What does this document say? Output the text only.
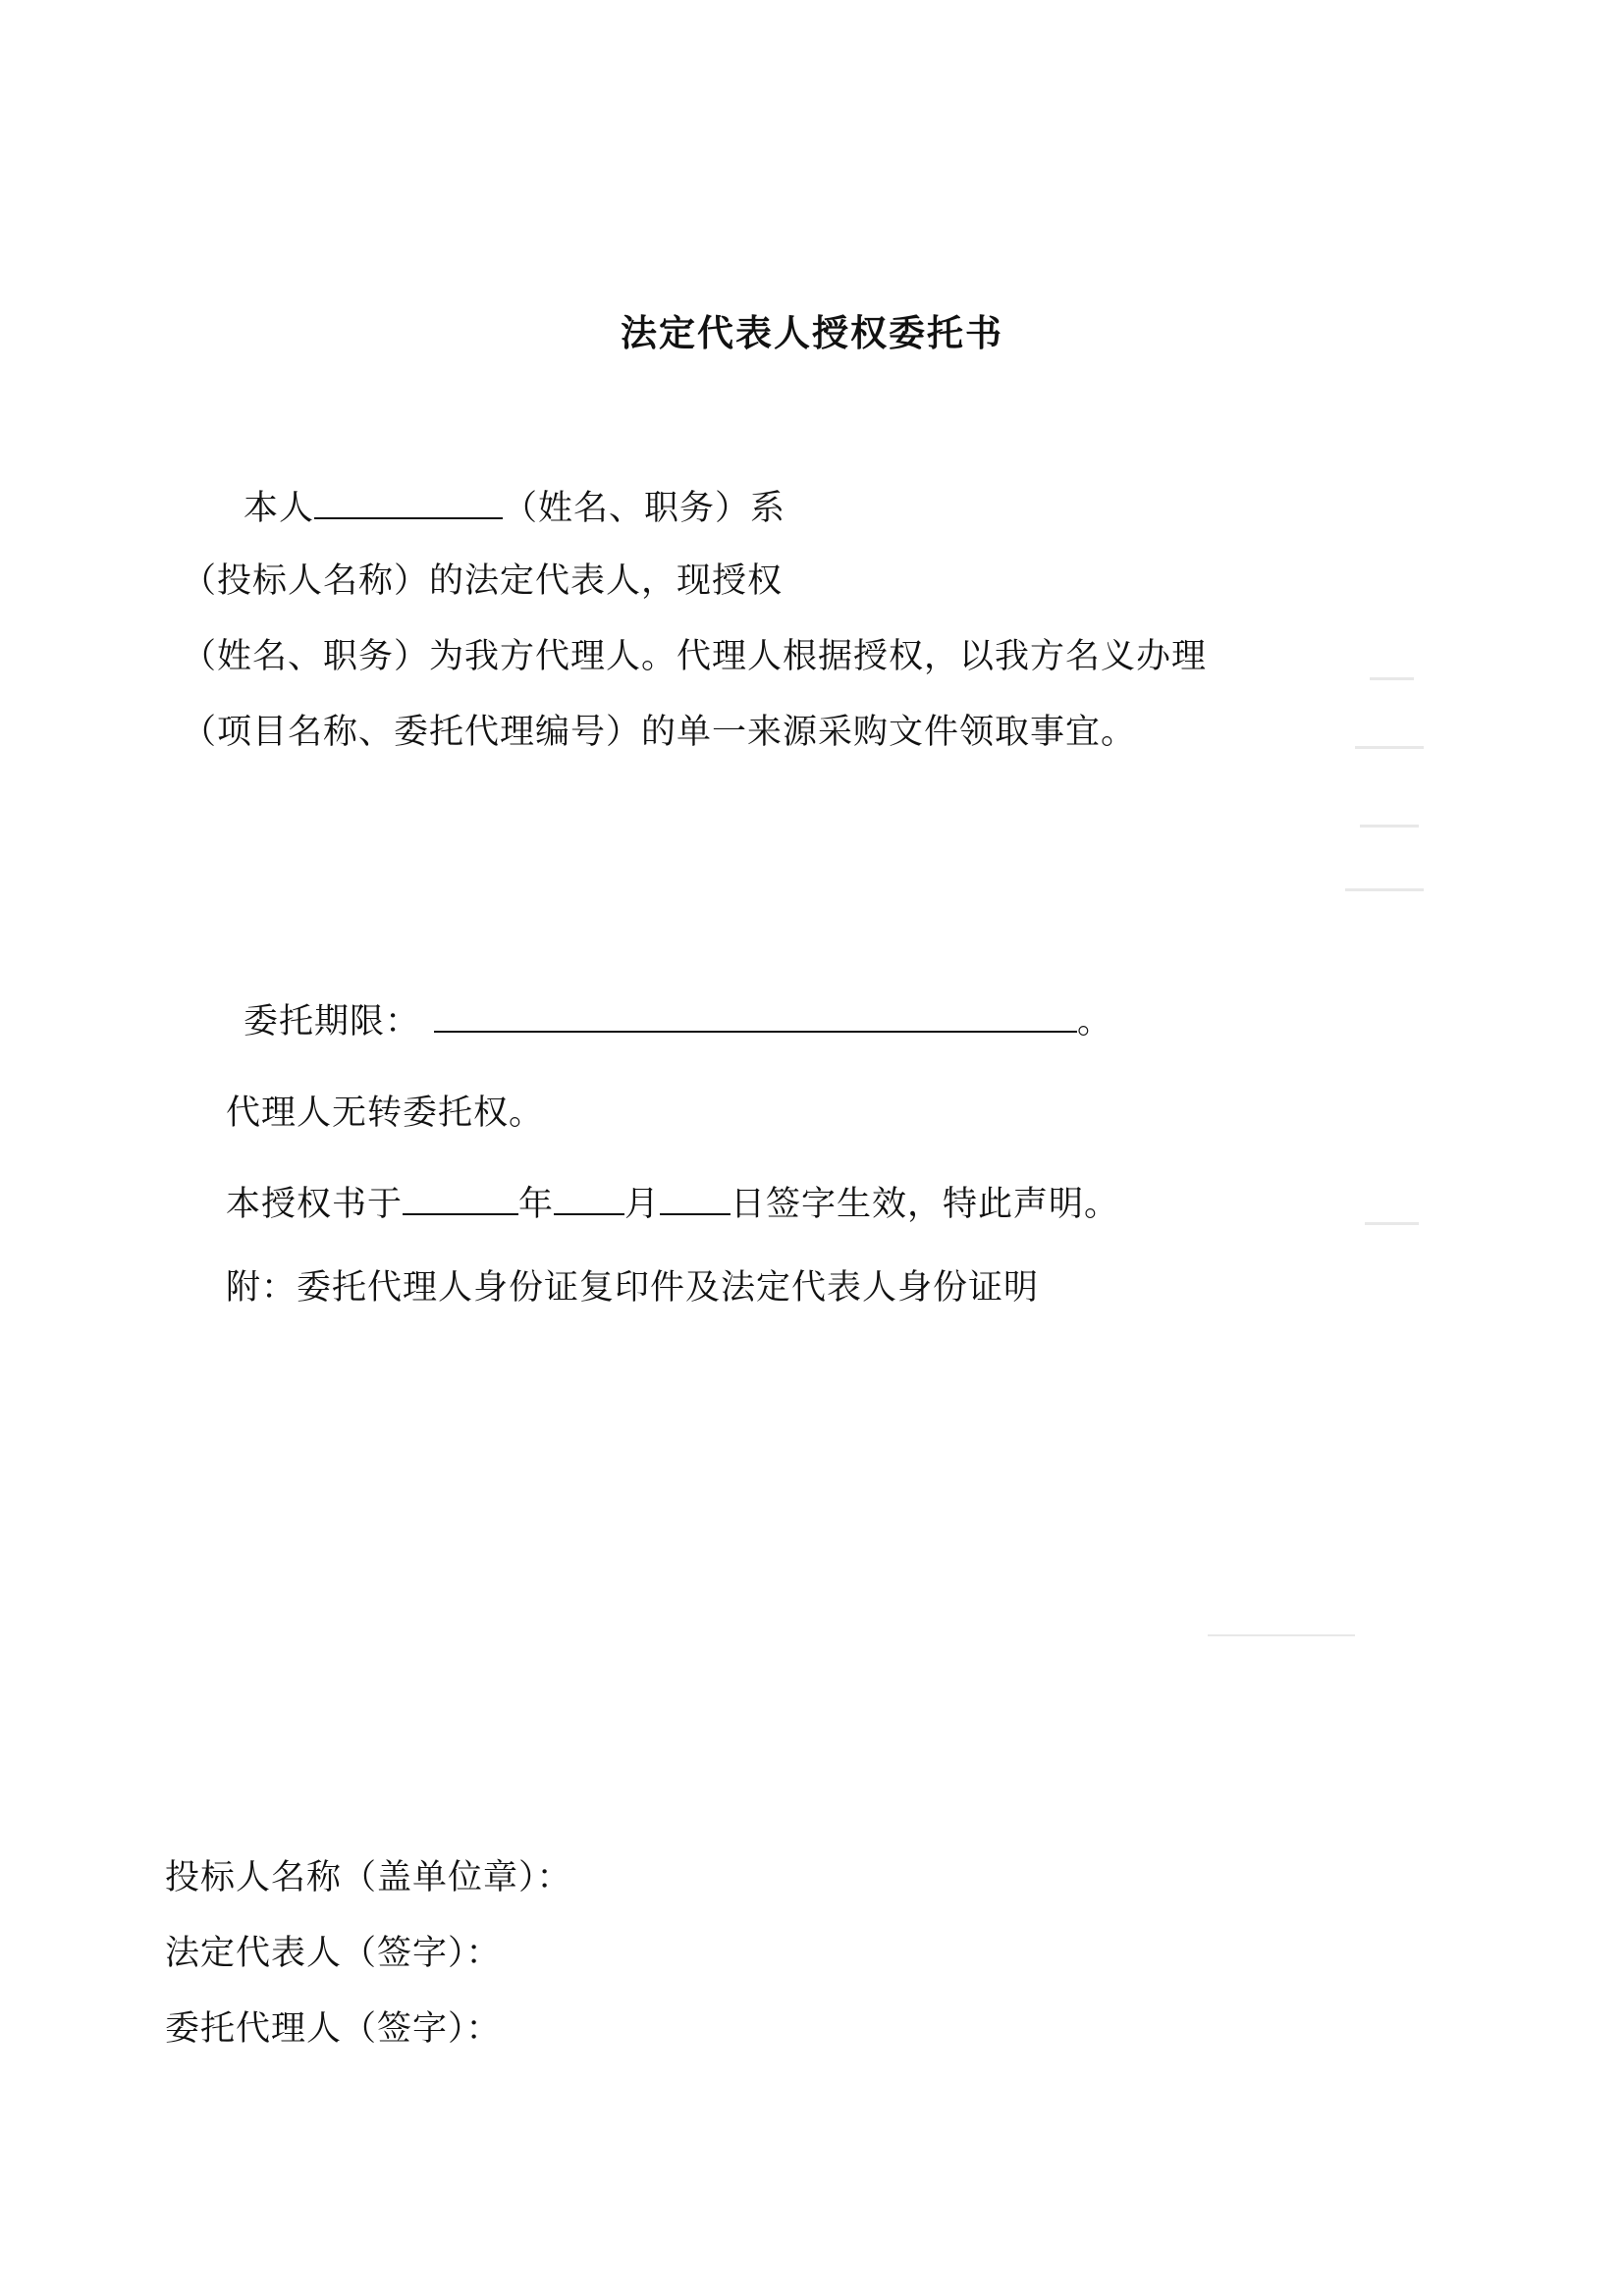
法定代表人授权委托书
本人	（姓名、职务）系
（投标人名称）的法定代表人，现授权
（姓名、职务）为我方代理人。代理人根据授权，以我方名义办理
（项目名称、委托代理编号）的单一来源采购文件领取事宜。
委托期限：	。
代理人无转委托权。
本授权书于	年 月 日签字生效，特此声明。
附：委托代理人身份证复印件及法定代表人身份证明
投标人名称（盖单位章）：
法定代表人（签字）：
委托代理人（签字）：
